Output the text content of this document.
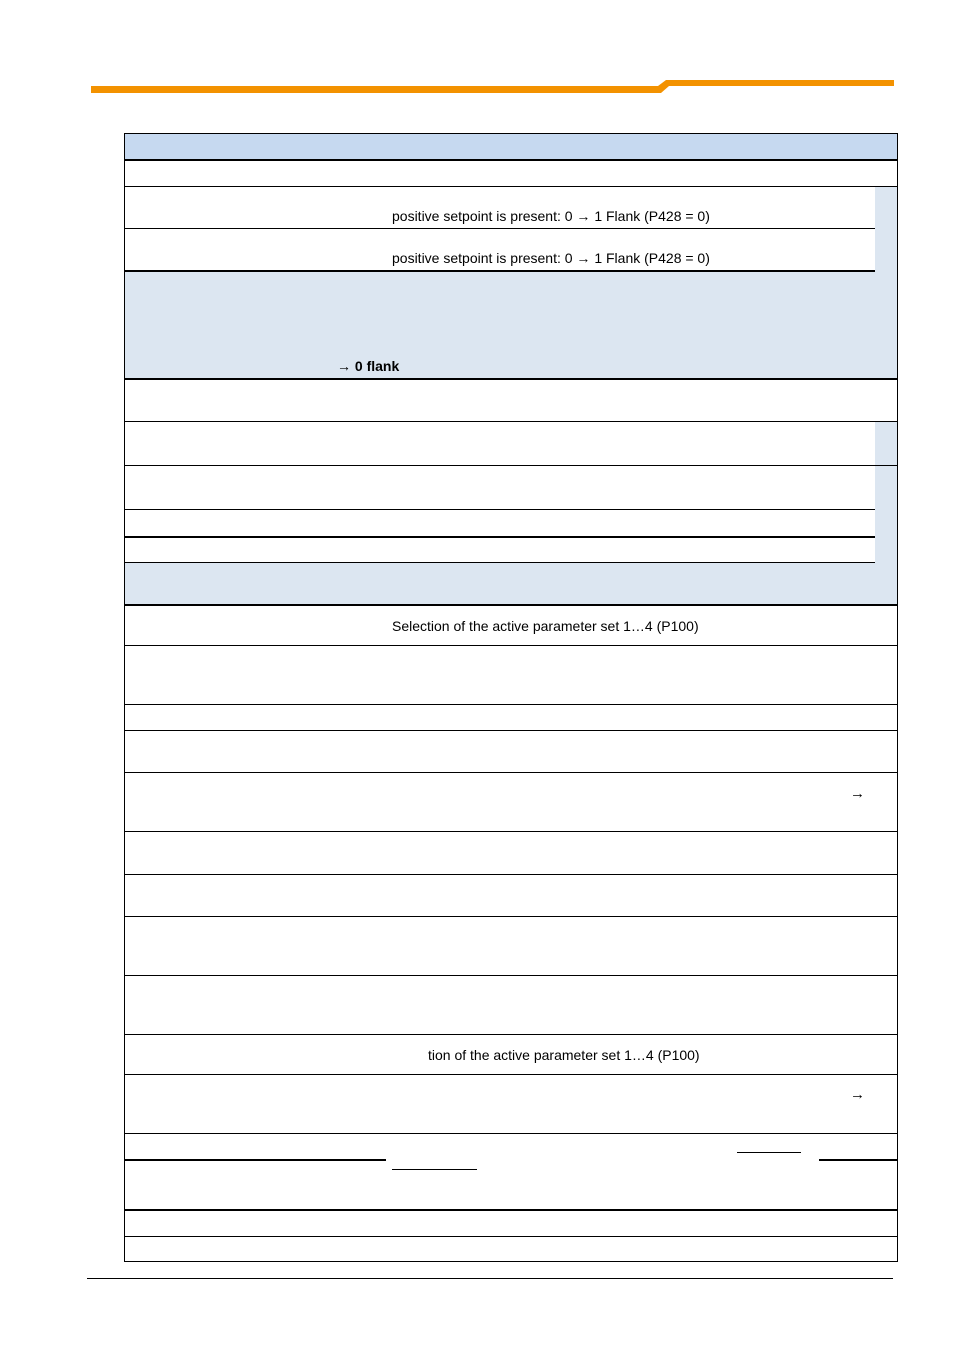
positive setpoint is present: 0 → 1 Flank (P428 = 0)
positive setpoint is present: 0 → 1 Flank (P428 = 0)
→ 0 flank
Selection of the active parameter set 1…4 (P100)
tion of the active parameter set 1…4 (P100)
→
→
